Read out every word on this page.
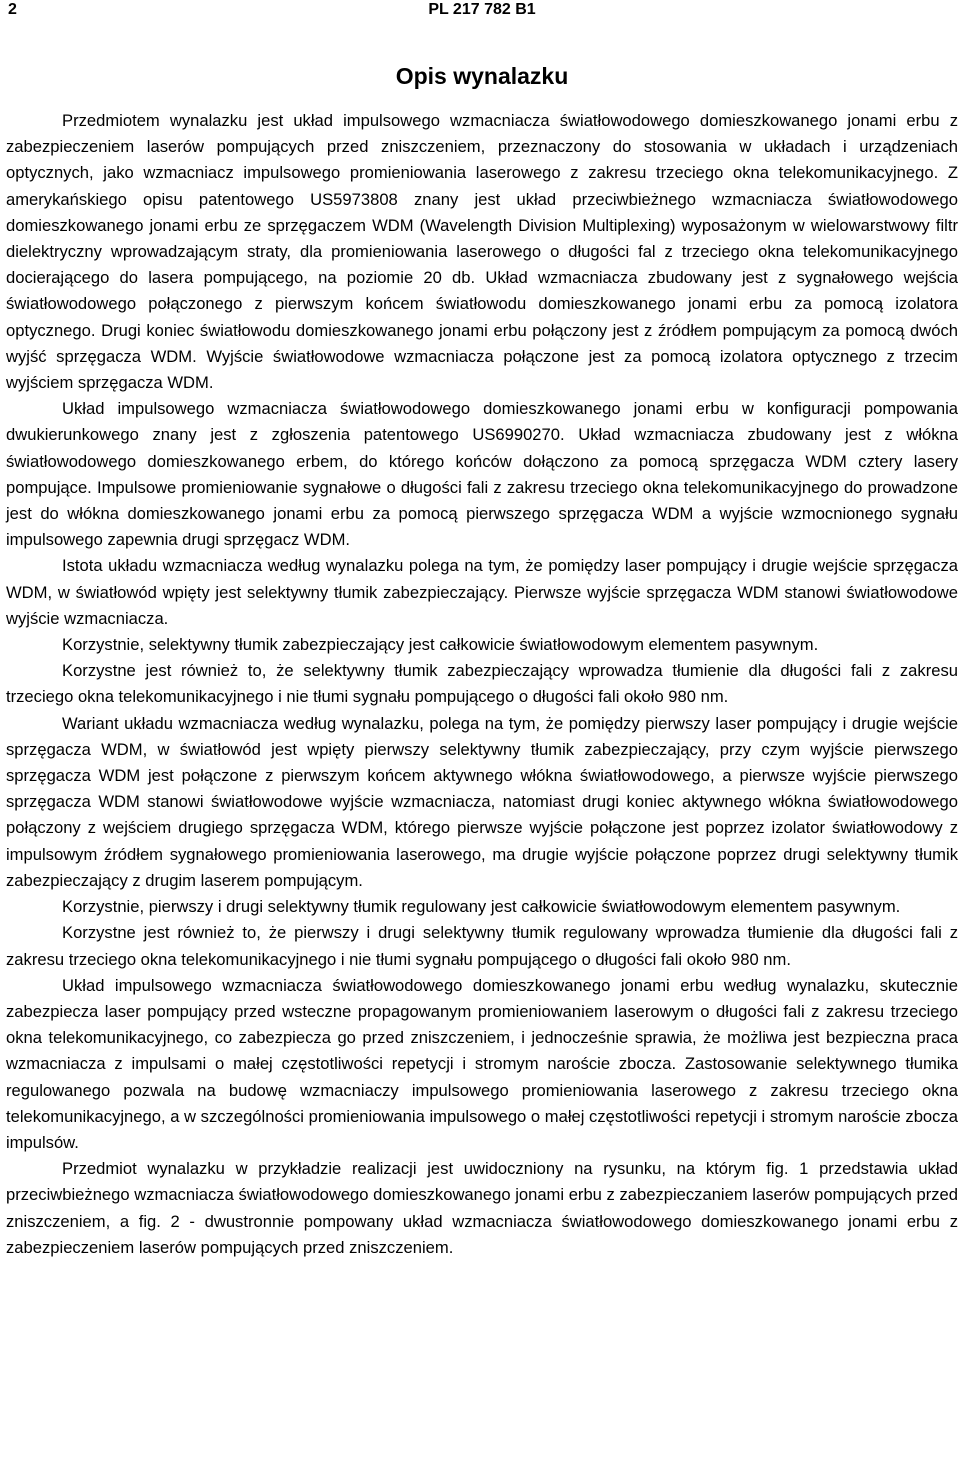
2	PL 217 782 B1
Opis wynalazku

Przedmiotem wynalazku jest układ impulsowego wzmacniacza światłowodowego domieszkowanego jonami erbu z zabezpieczeniem laserów pompujących przed zniszczeniem, przeznaczony do stosowania w układach i urządzeniach optycznych, jako wzmacniacz impulsowego promieniowania laserowego z zakresu trzeciego okna telekomunikacyjnego. Z amerykańskiego opisu patentowego US5973808 znany jest układ przeciwbieżnego wzmacniacza światłowodowego domieszkowanego jonami erbu ze sprzęgaczem WDM (Wavelength Division Multiplexing) wyposażonym w wielowarstwowy filtr dielektryczny wprowadzającym straty, dla promieniowania laserowego o długości fal z trzeciego okna telekomunikacyjnego docierającego do lasera pompującego, na poziomie 20 db. Układ wzmacniacza zbudowany jest z sygnałowego wejścia światłowodowego połączonego z pierwszym końcem światłowodu domieszkowanego jonami erbu za pomocą izolatora optycznego. Drugi koniec światłowodu domieszkowanego jonami erbu połączony jest z źródłem pompującym za pomocą dwóch wyjść sprzęgacza WDM. Wyjście światłowodowe wzmacniacza połączone jest za pomocą izolatora optycznego z trzecim wyjściem sprzęgacza WDM.

Układ impulsowego wzmacniacza światłowodowego domieszkowanego jonami erbu w konfiguracji pompowania dwukierunkowego znany jest z zgłoszenia patentowego US6990270. Układ wzmacniacza zbudowany jest z włókna światłowodowego domieszkowanego erbem, do którego końców dołączono za pomocą sprzęgacza WDM cztery lasery pompujące. Impulsowe promieniowanie sygnałowe o długości fali z zakresu trzeciego okna telekomunikacyjnego do prowadzone jest do włókna domieszkowanego jonami erbu za pomocą pierwszego sprzęgacza WDM a wyjście wzmocnionego sygnału impulsowego zapewnia drugi sprzęgacz WDM.

Istota układu wzmacniacza według wynalazku polega na tym, że pomiędzy laser pompujący i drugie wejście sprzęgacza WDM, w światłowód wpięty jest selektywny tłumik zabezpieczający. Pierwsze wyjście sprzęgacza WDM stanowi światłowodowe wyjście wzmacniacza.

Korzystnie, selektywny tłumik zabezpieczający jest całkowicie światłowodowym elementem pasywnym.

Korzystne jest również to, że selektywny tłumik zabezpieczający wprowadza tłumienie dla długości fali z zakresu trzeciego okna telekomunikacyjnego i nie tłumi sygnału pompującego o długości fali około 980 nm.

Wariant układu wzmacniacza według wynalazku, polega na tym, że pomiędzy pierwszy laser pompujący i drugie wejście sprzęgacza WDM, w światłowód jest wpięty pierwszy selektywny tłumik zabezpieczający, przy czym wyjście pierwszego sprzęgacza WDM jest połączone z pierwszym końcem aktywnego włókna światłowodowego, a pierwsze wyjście pierwszego sprzęgacza WDM stanowi światłowodowe wyjście wzmacniacza, natomiast drugi koniec aktywnego włókna światłowodowego połączony z wejściem drugiego sprzęgacza WDM, którego pierwsze wyjście połączone jest poprzez izolator światłowodowy z impulsowym źródłem sygnałowego promieniowania laserowego, ma drugie wyjście połączone poprzez drugi selektywny tłumik zabezpieczający z drugim laserem pompującym.

Korzystnie, pierwszy i drugi selektywny tłumik regulowany jest całkowicie światłowodowym elementem pasywnym.

Korzystne jest również to, że pierwszy i drugi selektywny tłumik regulowany wprowadza tłumienie dla długości fali z zakresu trzeciego okna telekomunikacyjnego i nie tłumi sygnału pompującego o długości fali około 980 nm.

Układ impulsowego wzmacniacza światłowodowego domieszkowanego jonami erbu według wynalazku, skutecznie zabezpiecza laser pompujący przed wsteczne propagowanym promieniowaniem laserowym o długości fali z zakresu trzeciego okna telekomunikacyjnego, co zabezpiecza go przed zniszczeniem, i jednocześnie sprawia, że możliwa jest bezpieczna praca wzmacniacza z impulsami o małej częstotliwości repetycji i stromym naroście zbocza. Zastosowanie selektywnego tłumika regulowanego pozwala na budowę wzmacniaczy impulsowego promieniowania laserowego z zakresu trzeciego okna telekomunikacyjnego, a w szczególności promieniowania impulsowego o małej częstotliwości repetycji i stromym naroście zbocza impulsów.

Przedmiot wynalazku w przykładzie realizacji jest uwidoczniony na rysunku, na którym fig. 1 przedstawia układ przeciwbieżnego wzmacniacza światłowodowego domieszkowanego jonami erbu z zabezpieczaniem laserów pompujących przed zniszczeniem, a fig. 2 - dwustronnie pompowany układ wzmacniacza światłowodowego domieszkowanego jonami erbu z zabezpieczeniem laserów pompujących przed zniszczeniem.
